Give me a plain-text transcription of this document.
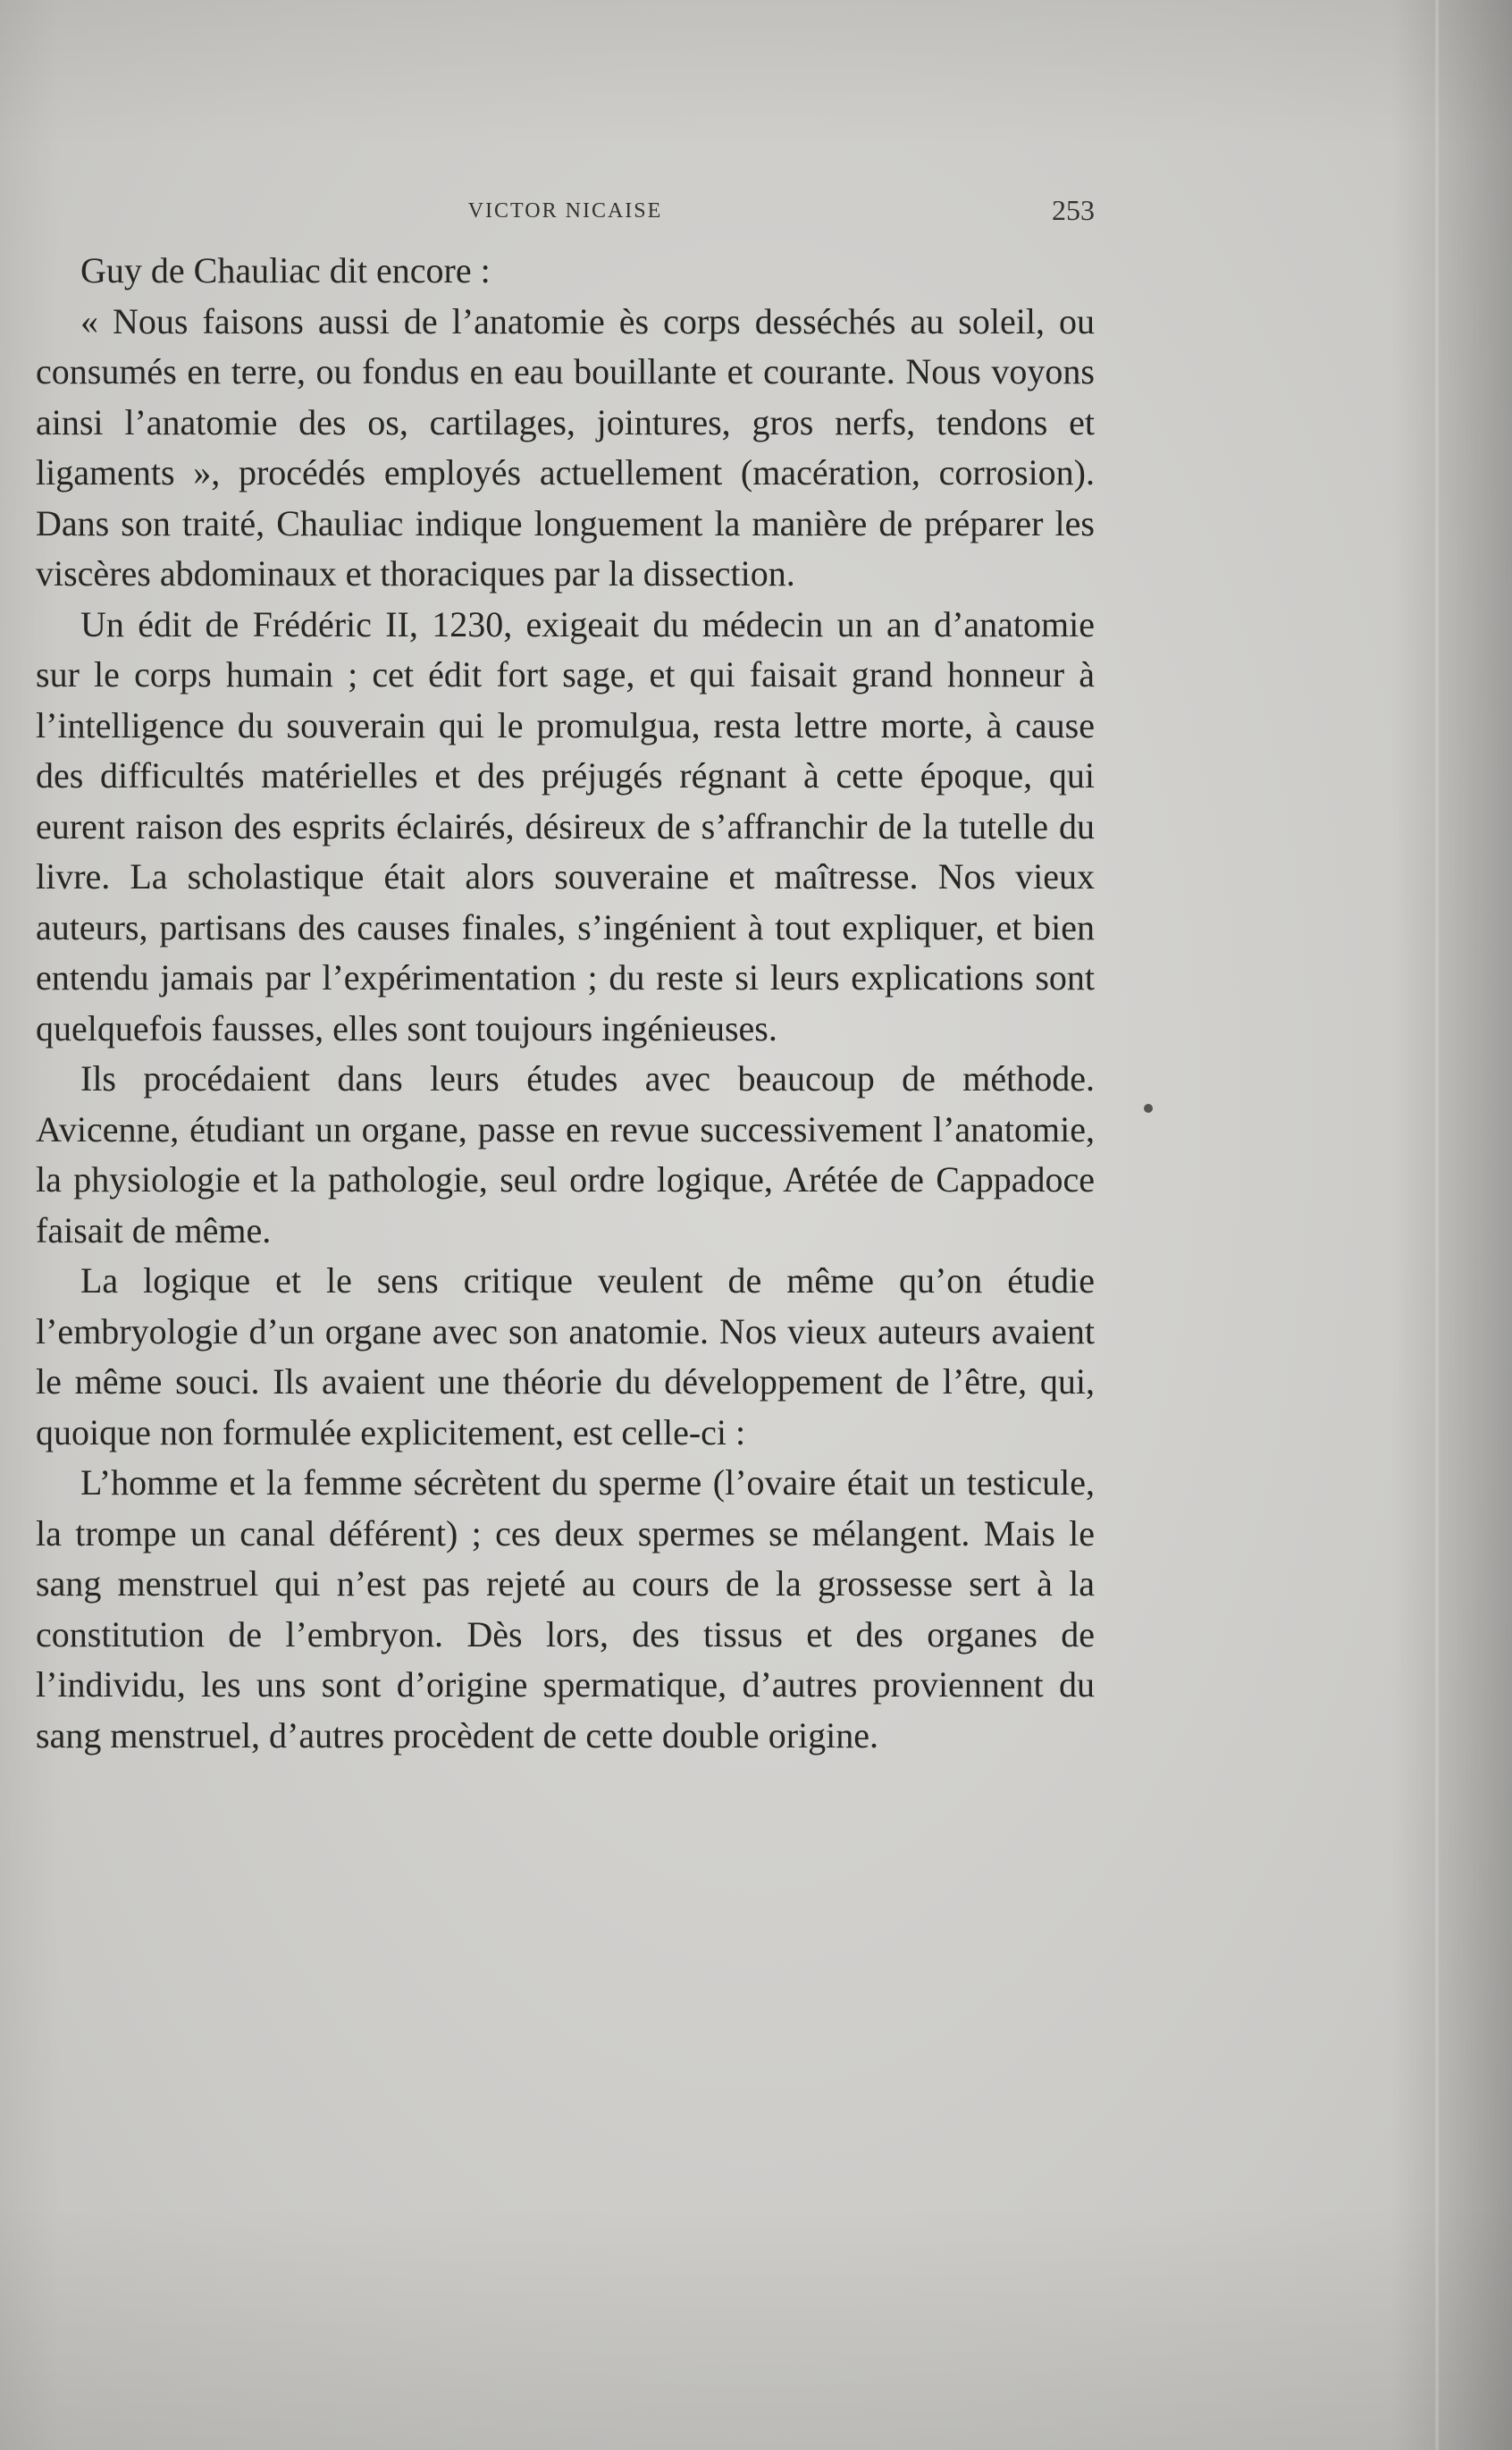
VICTOR NICAISE	253

Guy de Chauliac dit encore :

« Nous faisons aussi de l’anatomie ès corps desséchés au soleil, ou consumés en terre, ou fondus en eau bouillante et courante. Nous voyons ainsi l’anatomie des os, cartilages, jointures, gros nerfs, tendons et ligaments », procédés employés actuellement (macération, corrosion). Dans son traité, Chauliac indique longuement la manière de préparer les viscères abdominaux et thoraciques par la dissection.

Un édit de Frédéric II, 1230, exigeait du médecin un an d’anatomie sur le corps humain ; cet édit fort sage, et qui faisait grand honneur à l’intelligence du souverain qui le promulgua, resta lettre morte, à cause des difficultés matérielles et des préjugés régnant à cette époque, qui eurent raison des esprits éclairés, désireux de s’affranchir de la tutelle du livre. La scholastique était alors souveraine et maîtresse. Nos vieux auteurs, partisans des causes finales, s’ingénient à tout expliquer, et bien entendu jamais par l’expérimentation ; du reste si leurs explications sont quelquefois fausses, elles sont toujours ingénieuses.

Ils procédaient dans leurs études avec beaucoup de méthode. Avicenne, étudiant un organe, passe en revue successivement l’anatomie, la physiologie et la pathologie, seul ordre logique, Arétée de Cappadoce faisait de même.

La logique et le sens critique veulent de même qu’on étudie l’embryologie d’un organe avec son anatomie. Nos vieux auteurs avaient le même souci. Ils avaient une théorie du développement de l’être, qui, quoique non formulée explicitement, est celle-ci :

L’homme et la femme sécrètent du sperme (l’ovaire était un testicule, la trompe un canal déférent) ; ces deux spermes se mélangent. Mais le sang menstruel qui n’est pas rejeté au cours de la grossesse sert à la constitution de l’embryon. Dès lors, des tissus et des organes de l’individu, les uns sont d’origine spermatique, d’autres proviennent du sang menstruel, d’autres procèdent de cette double origine.
